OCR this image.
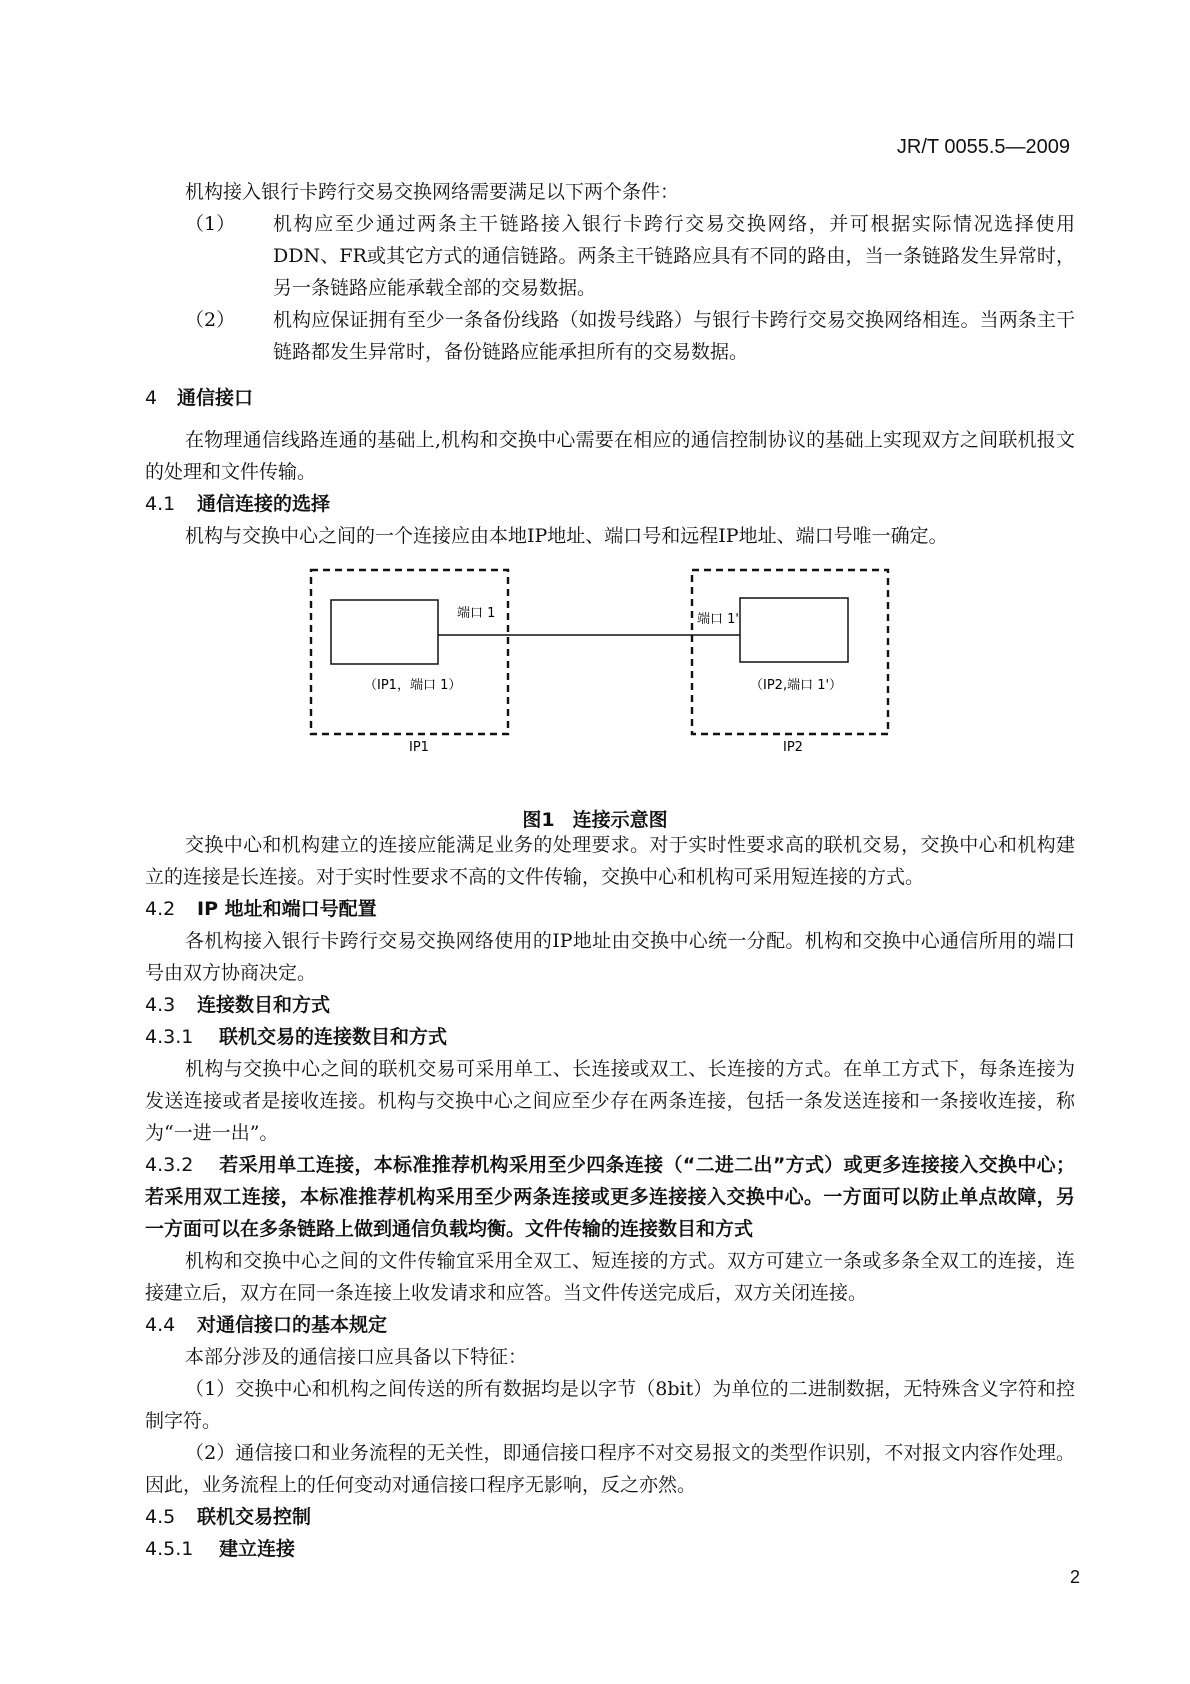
JR/T 0055.5—2009
机构接入银行卡跨行交易交换网络需要满足以下两个条件：
（1） 机构应至少通过两条主干链路接入银行卡跨行交易交换网络，并可根据实际情况选择使用DDN、FR或其它方式的通信链路。两条主干链路应具有不同的路由，当一条链路发生异常时，另一条链路应能承载全部的交易数据。
（2） 机构应保证拥有至少一条备份线路（如拨号线路）与银行卡跨行交易交换网络相连。当两条主干链路都发生异常时，备份链路应能承担所有的交易数据。
4 通信接口
在物理通信线路连通的基础上,机构和交换中心需要在相应的通信控制协议的基础上实现双方之间联机报文的处理和文件传输。
4.1 通信连接的选择
机构与交换中心之间的一个连接应由本地IP地址、端口号和远程IP地址、端口号唯一确定。
端口 1	端口 1'
（IP1，端口 1）	（IP2,端口 1'）
IP1	IP2
图1 连接示意图
交换中心和机构建立的连接应能满足业务的处理要求。对于实时性要求高的联机交易，交换中心和机构建立的连接是长连接。对于实时性要求不高的文件传输，交换中心和机构可采用短连接的方式。
4.2 IP 地址和端口号配置
各机构接入银行卡跨行交易交换网络使用的IP地址由交换中心统一分配。机构和交换中心通信所用的端口号由双方协商决定。
4.3 连接数目和方式
4.3.1 联机交易的连接数目和方式
机构与交换中心之间的联机交易可采用单工、长连接或双工、长连接的方式。在单工方式下，每条连接为发送连接或者是接收连接。机构与交换中心之间应至少存在两条连接，包括一条发送连接和一条接收连接，称为“一进一出”。
4.3.2 若采用单工连接，本标准推荐机构采用至少四条连接（“二进二出”方式）或更多连接接入交换中心；若采用双工连接，本标准推荐机构采用至少两条连接或更多连接接入交换中心。一方面可以防止单点故障，另一方面可以在多条链路上做到通信负载均衡。文件传输的连接数目和方式
机构和交换中心之间的文件传输宜采用全双工、短连接的方式。双方可建立一条或多条全双工的连接，连接建立后，双方在同一条连接上收发请求和应答。当文件传送完成后，双方关闭连接。
4.4 对通信接口的基本规定
本部分涉及的通信接口应具备以下特征：
（1）交换中心和机构之间传送的所有数据均是以字节（8bit）为单位的二进制数据，无特殊含义字符和控制字符。
（2）通信接口和业务流程的无关性，即通信接口程序不对交易报文的类型作识别，不对报文内容作处理。因此，业务流程上的任何变动对通信接口程序无影响，反之亦然。
4.5 联机交易控制
4.5.1 建立连接
2
